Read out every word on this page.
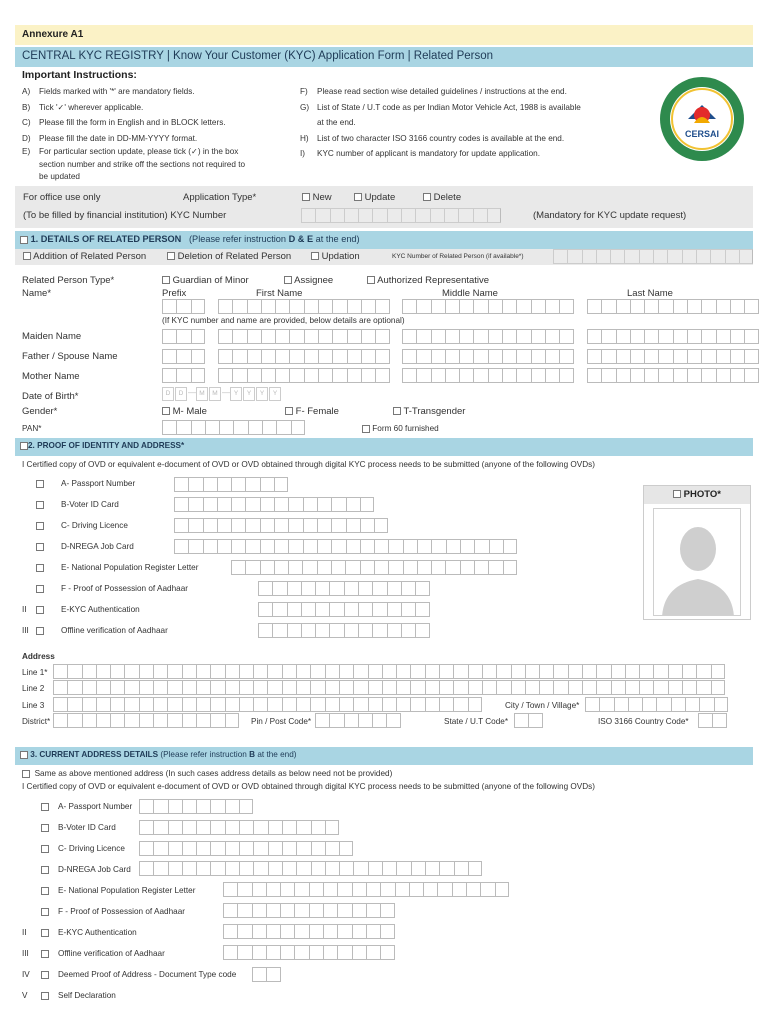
Annexure A1
CENTRAL KYC REGISTRY | Know Your Customer (KYC) Application Form | Related Person
Important Instructions:
A)	Fields marked with '*' are mandatory fields.
B)	Tick '✓' wherever applicable.
C)	Please fill the form in English and in BLOCK letters.
D)	Please fill the date in DD-MM-YYYY format.
E)	For particular section update, please tick (✓) in the box section number and strike off the sections not required to be updated
F)	Please read section wise detailed guidelines / instructions at the end.
G) List of State / U.T code as per Indian Motor Vehicle Act, 1988 is available at the end.
H)	List of two character ISO 3166 country codes is available at the end.
I)	KYC number of applicant is mandatory for update application.
CERSAI
For office use only	Application Type*	New	Update	Delete
(To be filled by financial institution) KYC Number	(Mandatory for KYC update request)
1. DETAILS OF RELATED PERSON (Please refer instruction D & E at the end)
Addition of Related Person	Deletion of Related Person	Updation	KYC Number of Related Person (if available*)
Related Person Type*	Guardian of Minor	Assignee	Authorized Representative
Name*	Prefix	First Name	Middle Name	Last Name
(If KYC number and name are provided, below details are optional)
Maiden Name
Father / Spouse Name
Mother Name
Date of Birth*	D D — M M — Y Y Y Y
Gender*	M- Male	F- Female	T-Transgender
PAN*	Form 60 furnished
2. PROOF OF IDENTITY AND ADDRESS*
I Certified copy of OVD or equivalent e-document of OVD or OVD obtained through digital KYC process needs to be submitted (anyone of the following OVDs)
A- Passport Number
B-Voter ID Card
C- Driving Licence
D-NREGA Job Card
E- National Population Register Letter
F - Proof of Possession of Aadhaar
II	E-KYC Authentication
III	Offline verification of Aadhaar
PHOTO*
Address
Line 1*
Line 2
Line 3	City / Town / Village*
District*	Pin / Post Code*	State / U.T Code*	ISO 3166 Country Code*
3. CURRENT ADDRESS DETAILS (Please refer instruction B at the end)
Same as above mentioned address (In such cases address details as below need not be provided)
I Certified copy of OVD or equivalent e-document of OVD or OVD obtained through digital KYC process needs to be submitted (anyone of the following OVDs)
A- Passport Number
B-Voter ID Card
C- Driving Licence
D-NREGA Job Card
E- National Population Register Letter
F - Proof of Possession of Aadhaar
II	E-KYC Authentication
III	Offline verification of Aadhaar
IV	Deemed Proof of Address - Document Type code
V	Self Declaration
